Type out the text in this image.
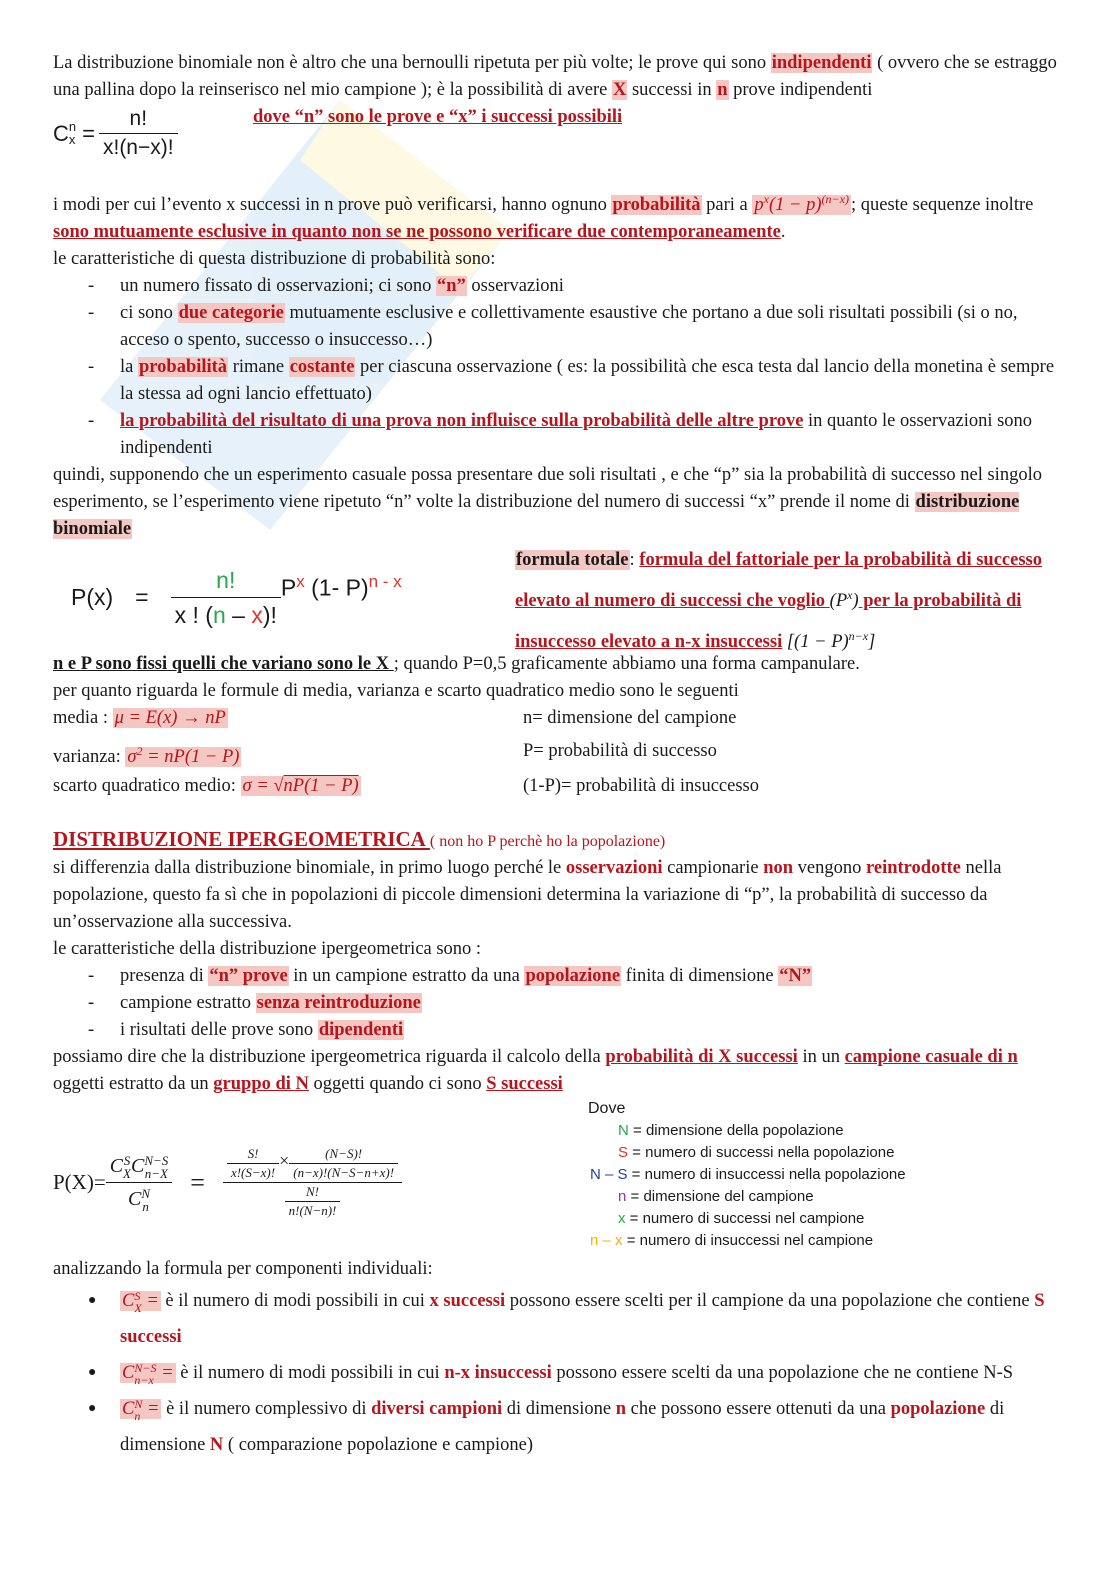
La distribuzione binomiale non è altro che una bernoulli ripetuta per più volte; le prove qui sono indipendenti ( ovvero che se estraggo una pallina dopo la reinserisco nel mio campione ); è la possibilità di avere X successi in n prove indipendenti

C n
$x = \frac{n!}{x!(n-x)!}$	dove “n” sono le prove e “x” i successi possibili

i modi per cui l’evento x successi in n prove può verificarsi, hanno ognuno probabilità pari a $p^x(1 - p)^{(n-x)}$ ; queste sequenze inoltre sono mutuamente esclusive in quanto non se ne possono verificare due contemporaneamente.

le caratteristiche di questa distribuzione di probabilità sono:

- un numero fissato di osservazioni; ci sono “n” osservazioni
- ci sono due categorie mutuamente esclusive e collettivamente esaustive che portano a due soli risultati possibili (si o no, acceso o spento, successo o insuccesso…)
- la probabilità rimane costante per ciascuna osservazione ( es: la possibilità che esca testa dal lancio della monetina è sempre la stessa ad ogni lancio effettuato)
- la probabilità del risultato di una prova non influisce sulla probabilità delle altre prove in quanto le osservazioni sono indipendenti

quindi, supponendo che un esperimento casuale possa presentare due soli risultati , e che “p” sia la probabilità di successo nel singolo esperimento, se l’esperimento viene ripetuto “n” volte la distribuzione del numero di successi “x” prende il nome di distribuzione binomiale

$P(x) = \frac{n!}{x ! (n - x)!} P^x$ (1- P)$^{n - x}$
formula totale: formula del fattoriale per la probabilità di successo elevato al numero di successi che voglio $(P^x)$ per la probabilità di insuccesso elevato a n-x insuccessi $[(1 - P)^{n-x}]$

n e P sono fissi quelli che variano sono le X ; quando P=0,5 graficamente abbiamo una forma campanulare.

per quanto riguarda le formule di media, varianza e scarto quadratico medio sono le seguenti

media : μ = E(x) → nP	n= dimensione del campione
varianza: $\sigma^2 = nP(1 - P)$	P= probabilità di successo
scarto quadratico medio: σ = √nP(1 − P)	(1-P)= probabilità di insuccesso

DISTRIBUZIONE IPERGEOMETRICA ( non ho P perchè ho la popolazione)

si differenzia dalla distribuzione binomiale, in primo luogo perché le osservazioni campionarie non vengono reintrodotte nella popolazione, questo fa sì che in popolazioni di piccole dimensioni determina la variazione di “p”, la probabilità di successo da un’osservazione alla successiva.

le caratteristiche della distribuzione ipergeometrica sono :

- presenza di “n” prove in un campione estratto da una popolazione finita di dimensione “N”
- campione estratto senza reintroduzione
- i risultati delle prove sono dipendenti

possiamo dire che la distribuzione ipergeometrica riguarda il calcolo della probabilità di X successi in un campione casuale di n oggetti estratto da un gruppo di N oggetti quando ci sono S successi

P(X)= C S
X C N−S
n−X
C N
$n = \frac{\frac{S!}{x!(S-x)!} \times \frac{(N-S)!}{(n-x)!(N-S-n+x)!}}{\frac{N!}{n!(N-n)!}}$
Dove
N = dimensione della popolazione
S = numero di successi nella popolazione
N – S = numero di insuccessi nella popolazione
n = dimensione del campione
x = numero di successi nel campione
n – x = numero di insuccessi nel campione

analizzando la formula per componenti individuali:

● C S
X = è il numero di modi possibili in cui x successi possono essere scelti per il campione da una popolazione che contiene S successi
● C N−S
n−x = è il numero di modi possibili in cui n-x insuccessi possono essere scelti da una popolazione che ne contiene N-S
● C N
n = è il numero complessivo di diversi campioni di dimensione n che possono essere ottenuti da una popolazione di dimensione N ( comparazione popolazione e campione)
